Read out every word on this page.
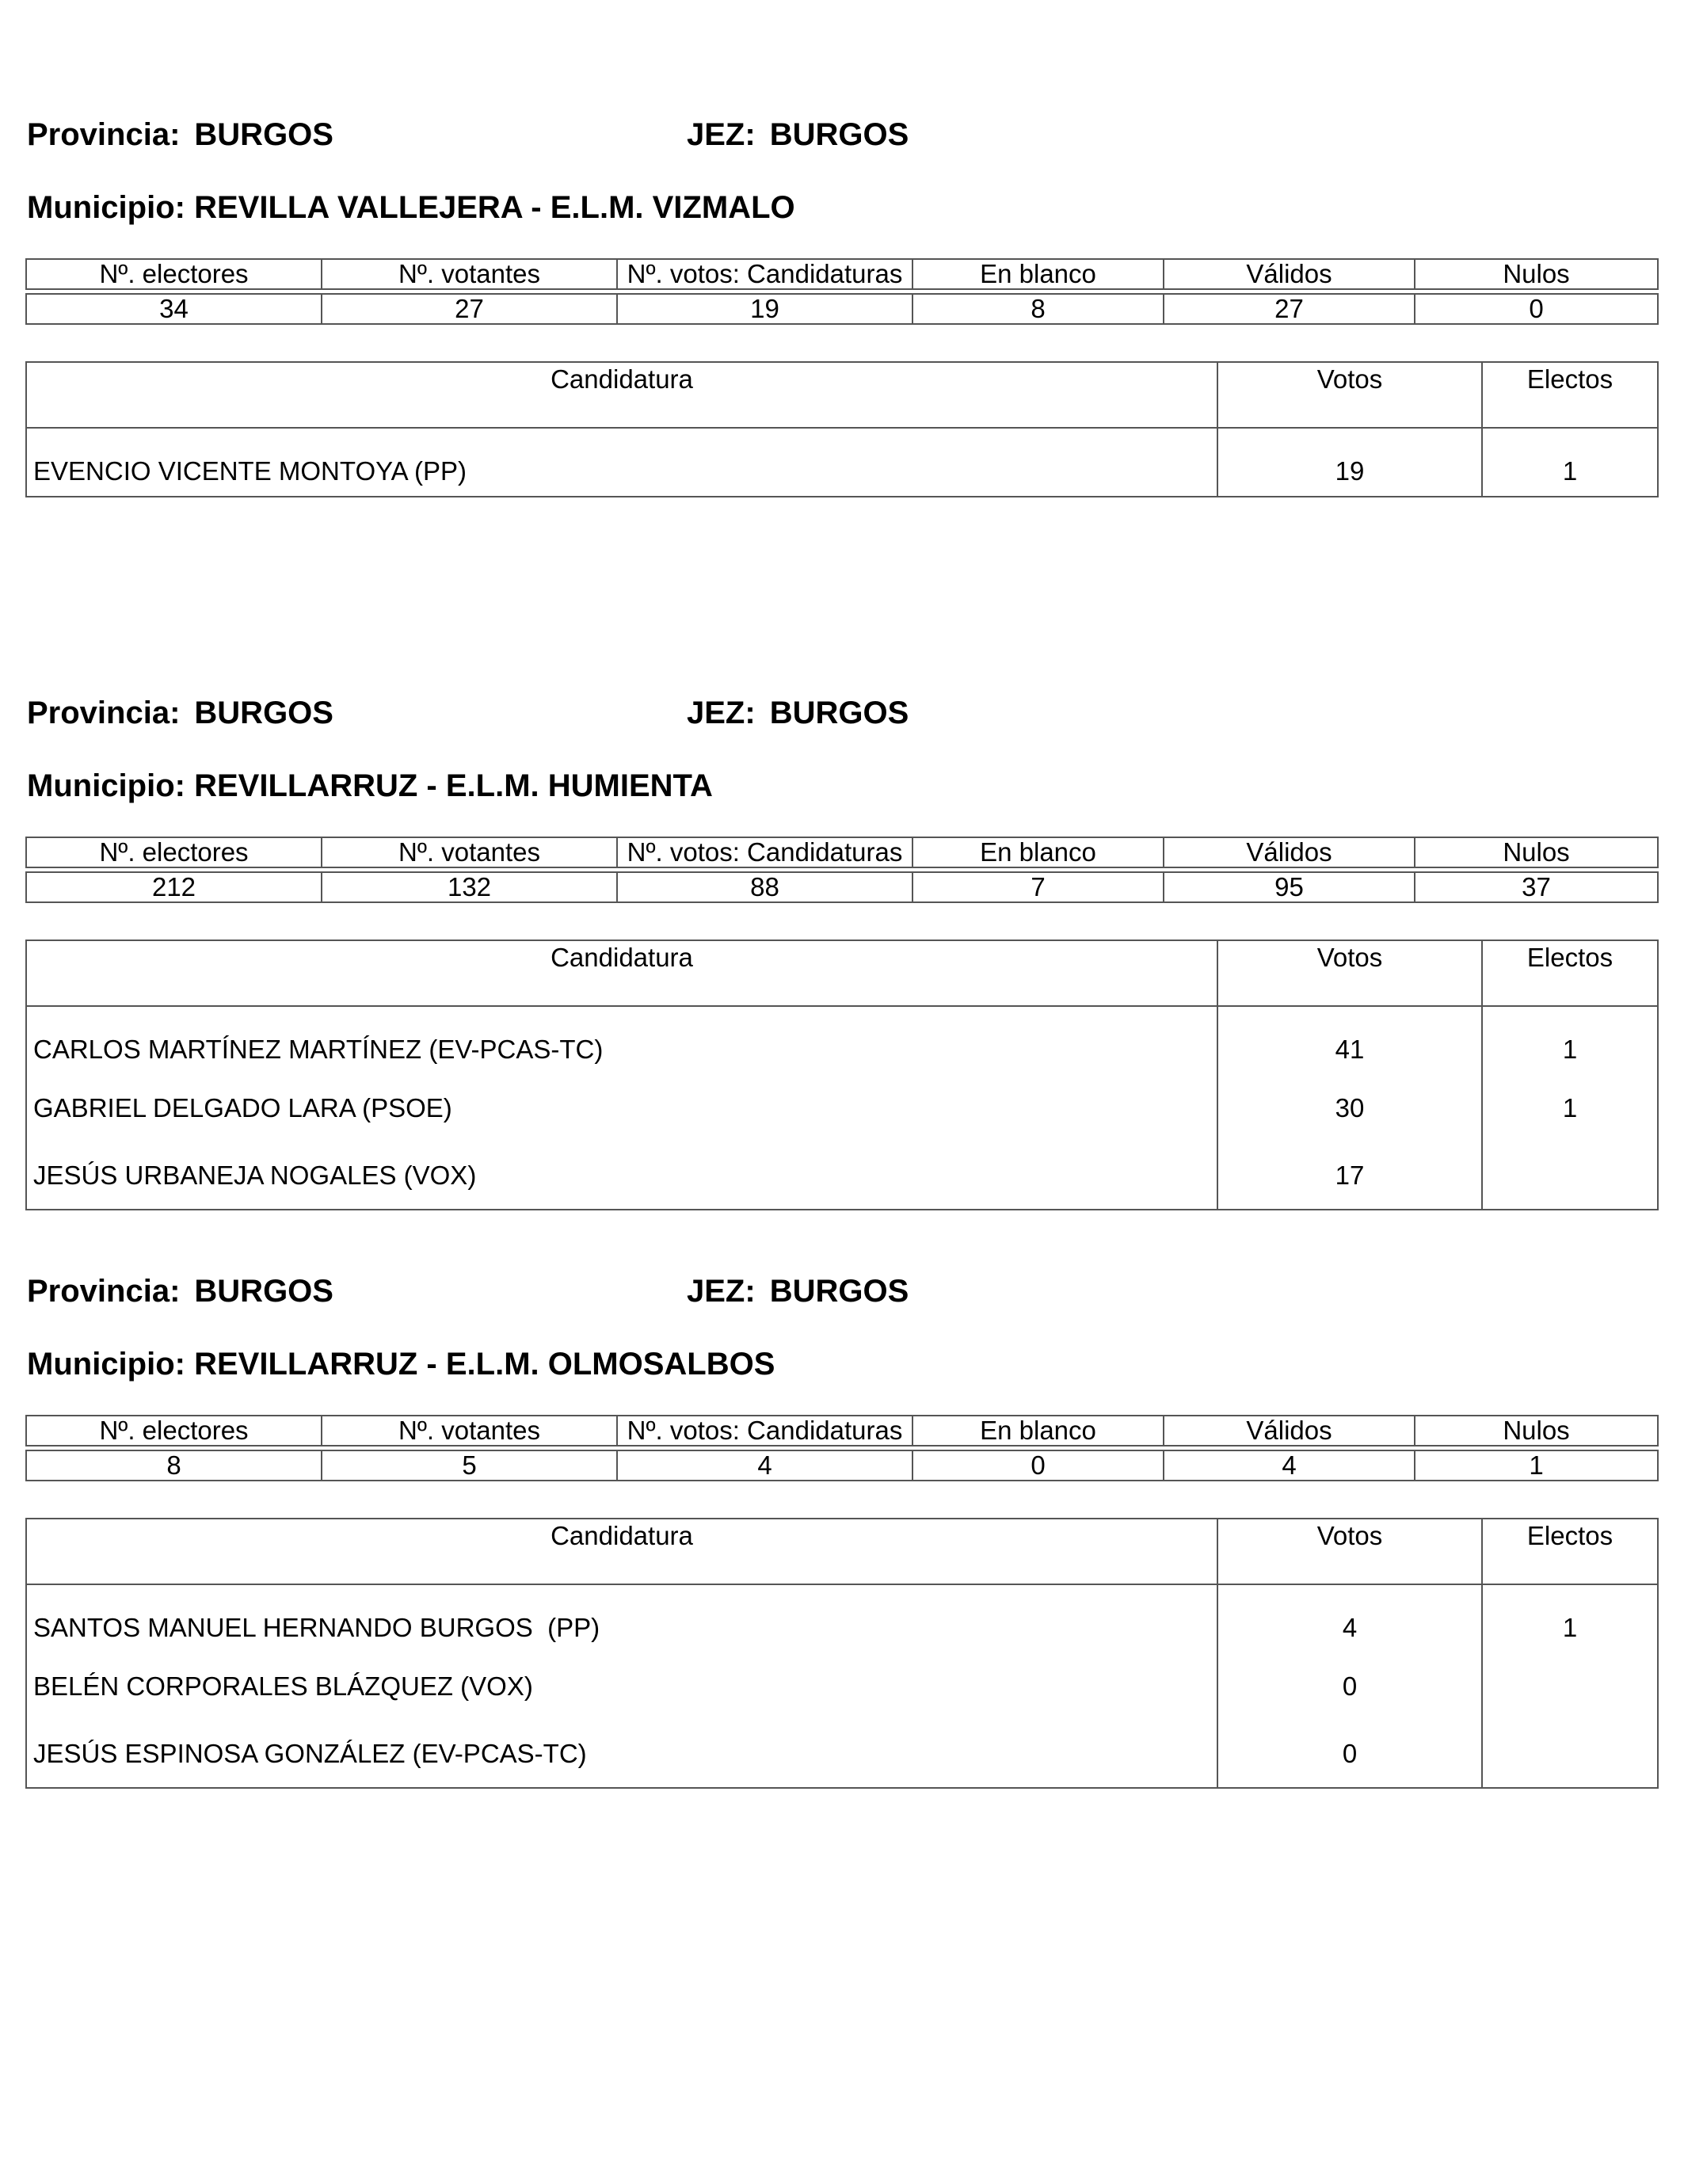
Provincia: BURGOS	JEZ: BURGOS
Municipio: REVILLA VALLEJERA - E.L.M. VIZMALO
Nº. electores	Nº. votantes	Nº. votos: Candidaturas	En blanco	Válidos	Nulos

34	27	19	8	27	0
Candidatura	Votos	Electos
EVENCIO VICENTE MONTOYA (PP)	19	1
Provincia: BURGOS	JEZ: BURGOS
Municipio: REVILLARRUZ - E.L.M. HUMIENTA
Nº. electores	Nº. votantes	Nº. votos: Candidaturas	En blanco	Válidos	Nulos

212	132	88	7	95	37
Candidatura	Votos	Electos
CARLOS MARTÍNEZ MARTÍNEZ (EV-PCAS-TC)	41	1
GABRIEL DELGADO LARA (PSOE)	30	1
JESÚS URBANEJA NOGALES (VOX)	17	
Provincia: BURGOS	JEZ: BURGOS
Municipio: REVILLARRUZ - E.L.M. OLMOSALBOS
Nº. electores	Nº. votantes	Nº. votos: Candidaturas	En blanco	Válidos	Nulos

8	5	4	0	4	1
Candidatura	Votos	Electos
SANTOS MANUEL HERNANDO BURGOS  (PP)	4	1
BELÉN CORPORALES BLÁZQUEZ (VOX)	0	
JESÚS ESPINOSA GONZÁLEZ (EV-PCAS-TC)	0	
